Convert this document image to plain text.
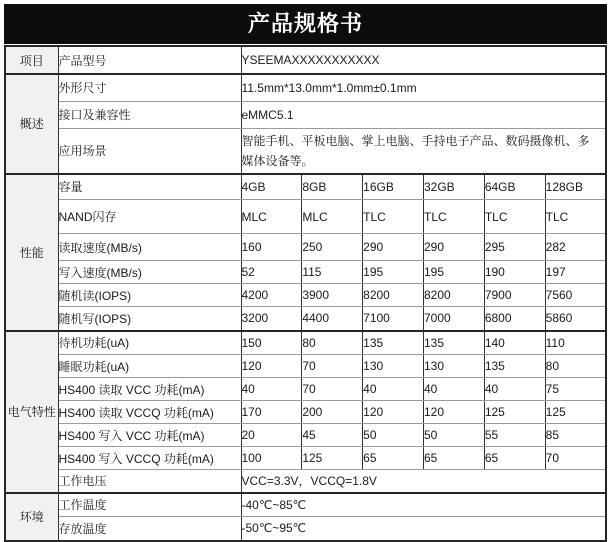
产品规格书
项目	产品型号	YSEEMAXXXXXXXXXXX					
概述	外形尺寸	11.5mm*13.0mm*1.0mm±0.1mm					
	接口及兼容性	eMMC5.1					
	应用场景	智能手机、平板电脑、掌上电脑、手持电子产品、数码摄像机、多媒体设备等。					
性能	容量	4GB	8GB	16GB	32GB	64GB	128GB
	NAND闪存	MLC	MLC	TLC	TLC	TLC	TLC
	读取速度(MB/s)	160	250	290	290	295	282
	写入速度(MB/s)	52	115	195	195	190	197
	随机读(IOPS)	4200	3900	8200	8200	7900	7560
	随机写(IOPS)	3200	4400	7100	7000	6800	5860
电气特性	待机功耗(uA)	150	80	135	135	140	110
	睡眠功耗(uA)	120	70	130	130	135	80
	HS400 读取 VCC 功耗(mA)	40	70	40	40	40	75
	HS400 读取 VCCQ 功耗(mA)	170	200	120	120	125	125
	HS400 写入 VCC 功耗(mA)	20	45	50	50	55	85
	HS400 写入 VCCQ 功耗(mA)	100	125	65	65	65	70
	工作电压	VCC=3.3V，VCCQ=1.8V					
环境	工作温度	-40℃~85℃					
	存放温度	-50℃~95℃					
